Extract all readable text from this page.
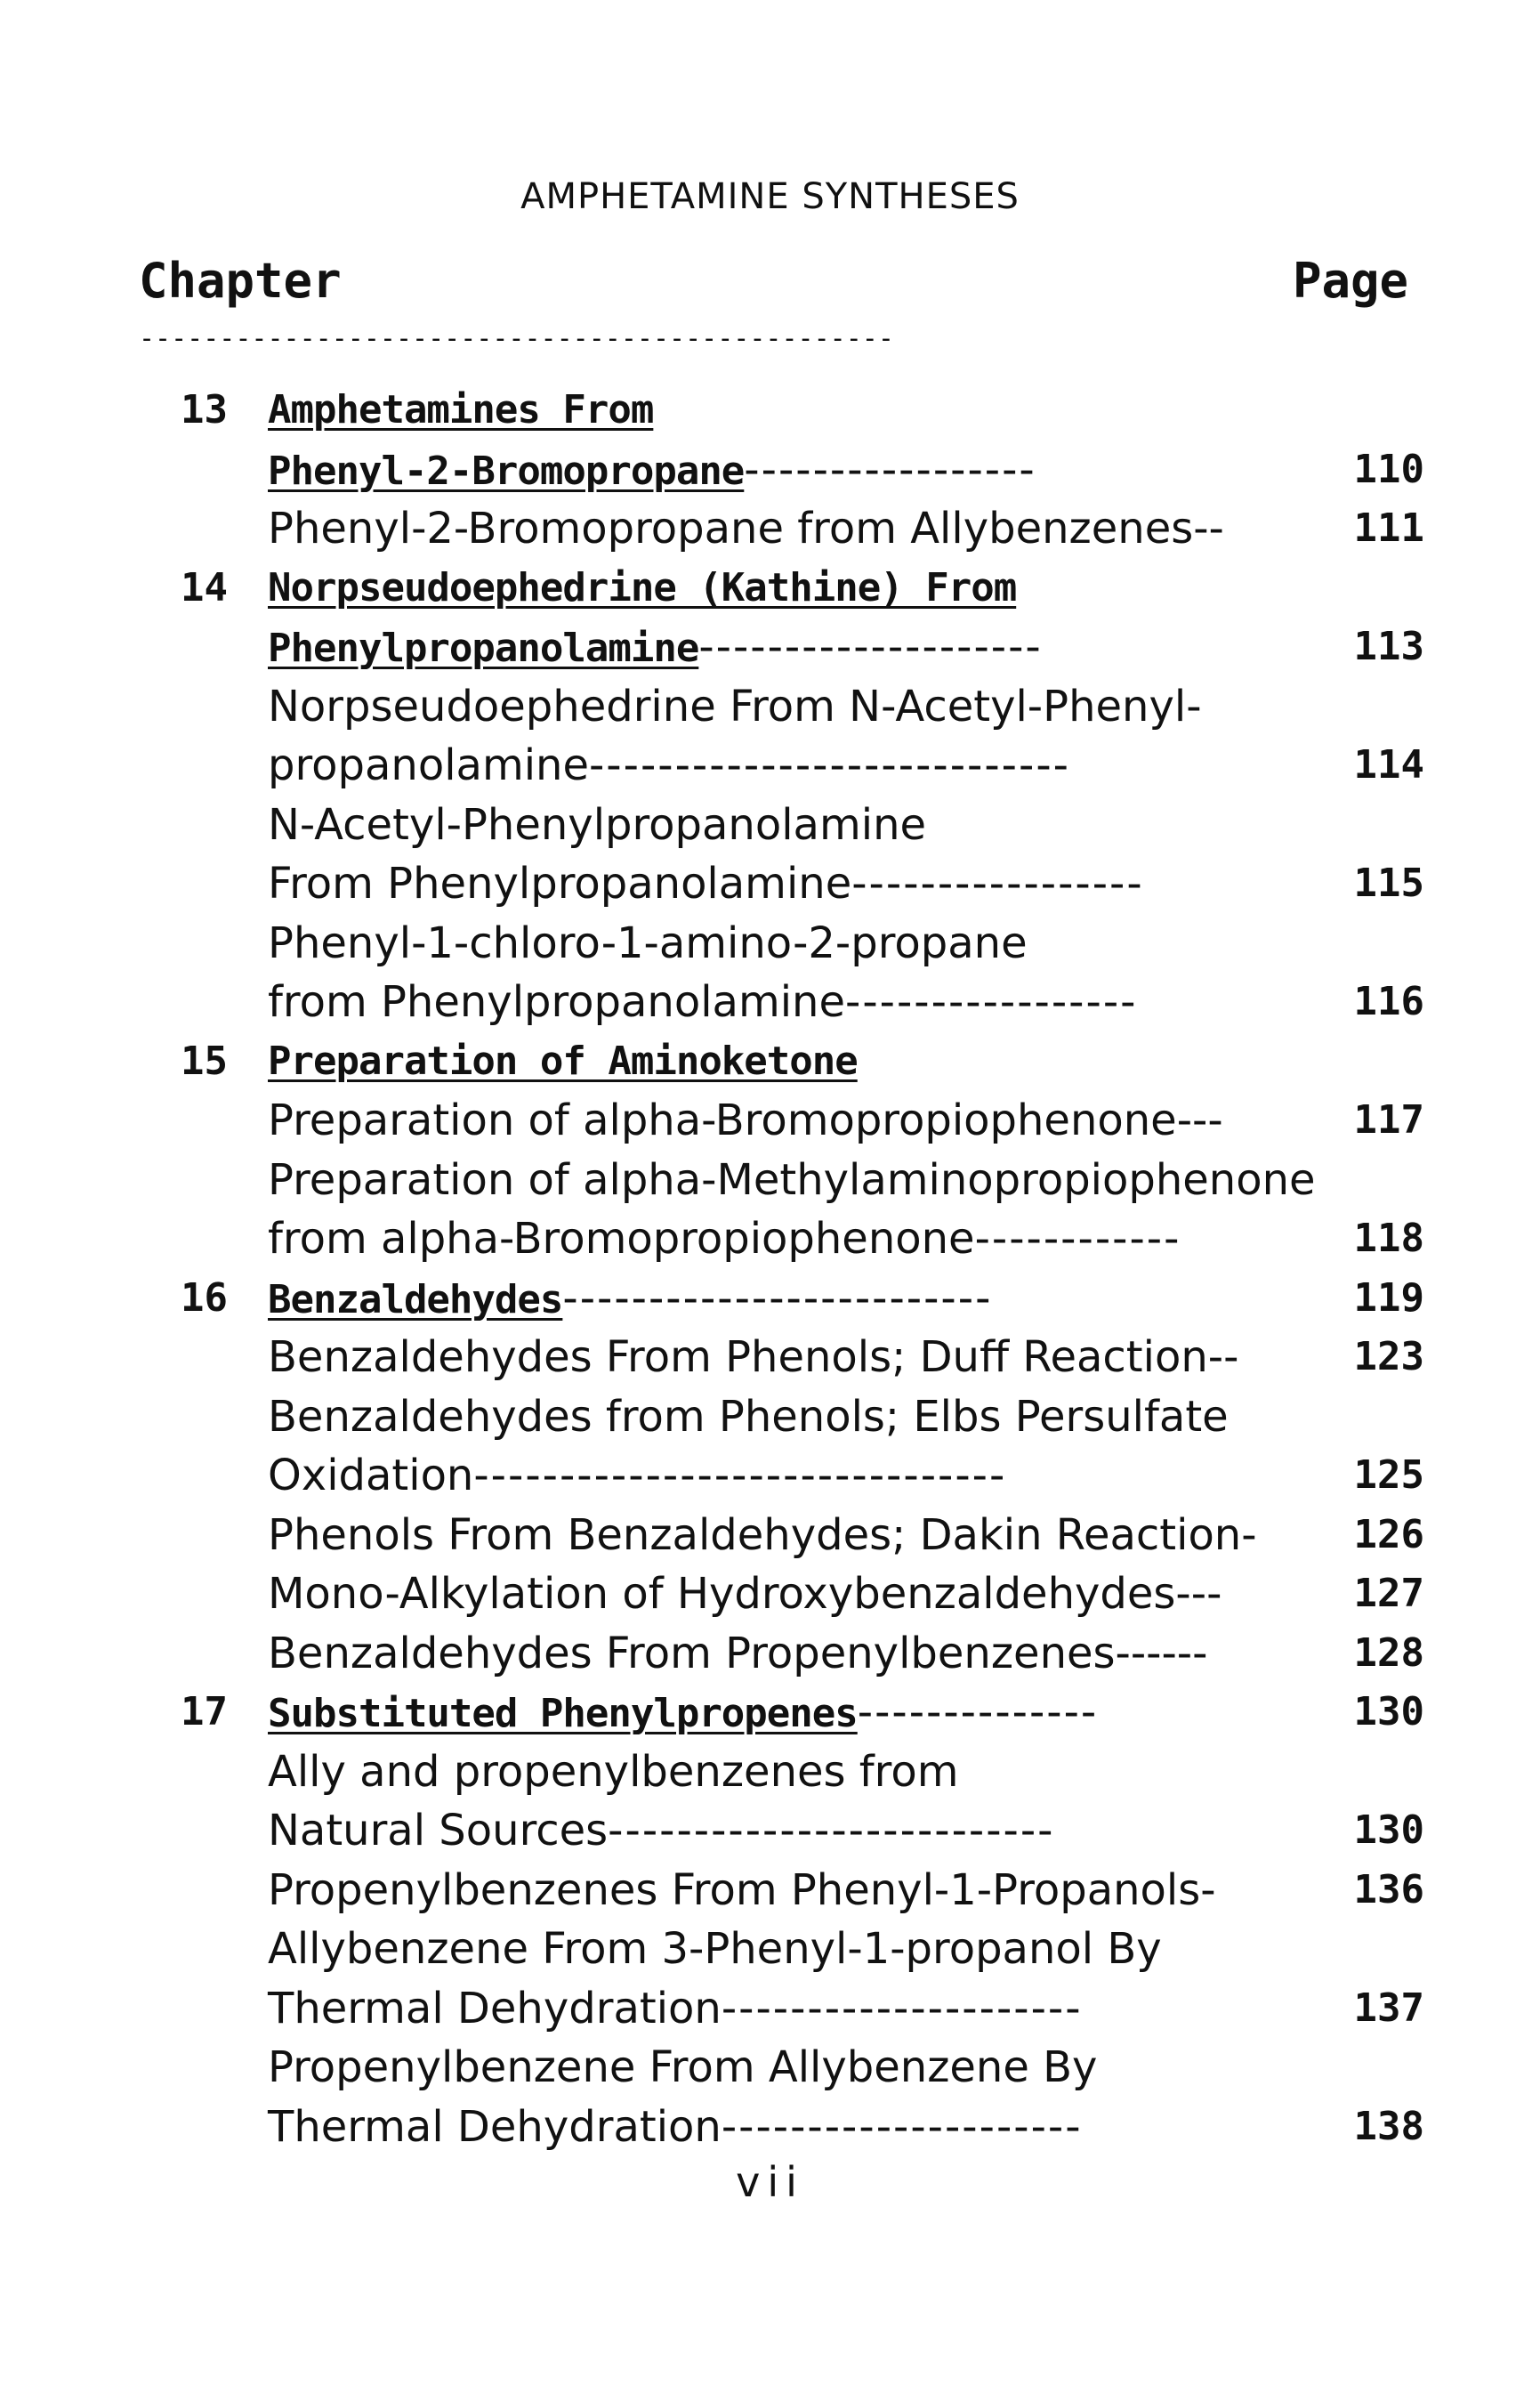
AMPHETAMINE SYNTHESES
Chapter	Page
-----------------------------------------------
13 Amphetamines From
Phenyl-2-Bromopropane-----------------	110
Phenyl-2-Bromopropane from Allybenzenes--	111
14 Norpseudoephedrine (Kathine) From
Phenylpropanolamine--------------------	113
Norpseudoephedrine From N-Acetyl-Phenyl-
propanolamine----------------------------	114
N-Acetyl-Phenylpropanolamine
From Phenylpropanolamine-----------------	115
Phenyl-1-chloro-1-amino-2-propane
from Phenylpropanolamine-----------------	116
15 Preparation of Aminoketone
Preparation of alpha-Bromopropiophenone---	117
Preparation of alpha-Methylaminopropiophenone
from alpha-Bromopropiophenone------------	118
16 Benzaldehydes-------------------------	119
Benzaldehydes From Phenols; Duff Reaction--	123
Benzaldehydes from Phenols; Elbs Persulfate
Oxidation-------------------------------	125
Phenols From Benzaldehydes; Dakin Reaction-	126
Mono-Alkylation of Hydroxybenzaldehydes---	127
Benzaldehydes From Propenylbenzenes------	128
17 Substituted Phenylpropenes--------------	130
Ally and propenylbenzenes from
Natural Sources--------------------------	130
Propenylbenzenes From Phenyl-1-Propanols-	136
Allybenzene From 3-Phenyl-1-propanol By
Thermal Dehydration---------------------	137
Propenylbenzene From Allybenzene By
Thermal Dehydration---------------------	138
vii
